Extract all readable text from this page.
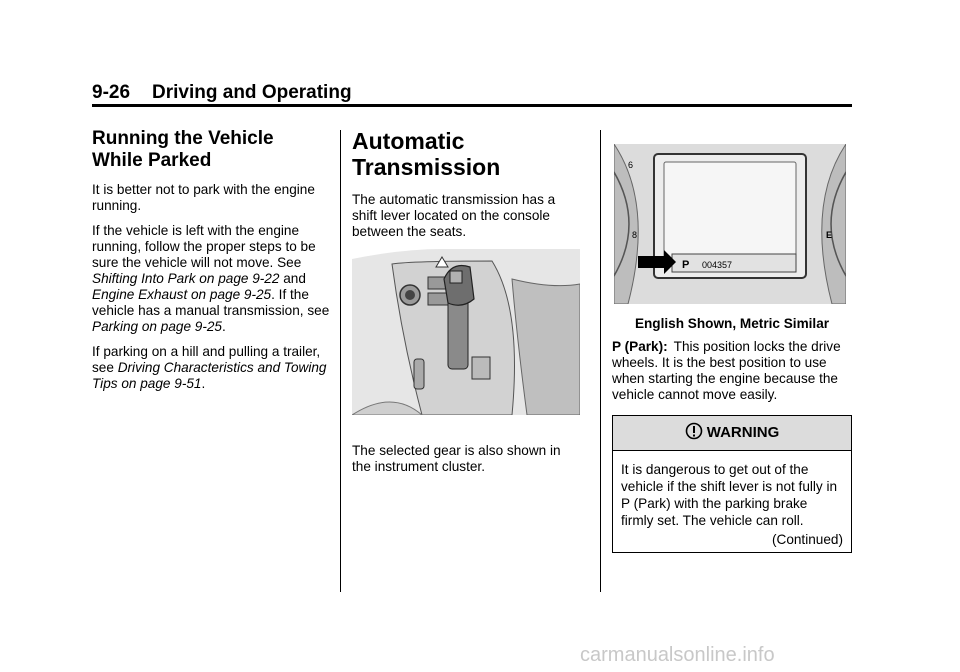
9-26 Driving and Operating
Running the Vehicle
While Parked

It is better not to park with the engine running.

If the vehicle is left with the engine running, follow the proper steps to be sure the vehicle will not move. See Shifting Into Park on page 9-22 and Engine Exhaust on page 9-25. If the vehicle has a manual transmission, see Parking on page 9-25.

If parking on a hill and pulling a trailer, see Driving Characteristics and Towing Tips on page 9-51.

Automatic
Transmission

The automatic transmission has a shift lever located on the console between the seats.

The selected gear is also shown in the instrument cluster.

P 004357
6
8	E
English Shown, Metric Similar

P (Park): This position locks the drive wheels. It is the best position to use when starting the engine because the vehicle cannot move easily.

WARNING
It is dangerous to get out of the vehicle if the shift lever is not fully in P (Park) with the parking brake firmly set. The vehicle can roll.
(Continued)
carmanualsonline.info
